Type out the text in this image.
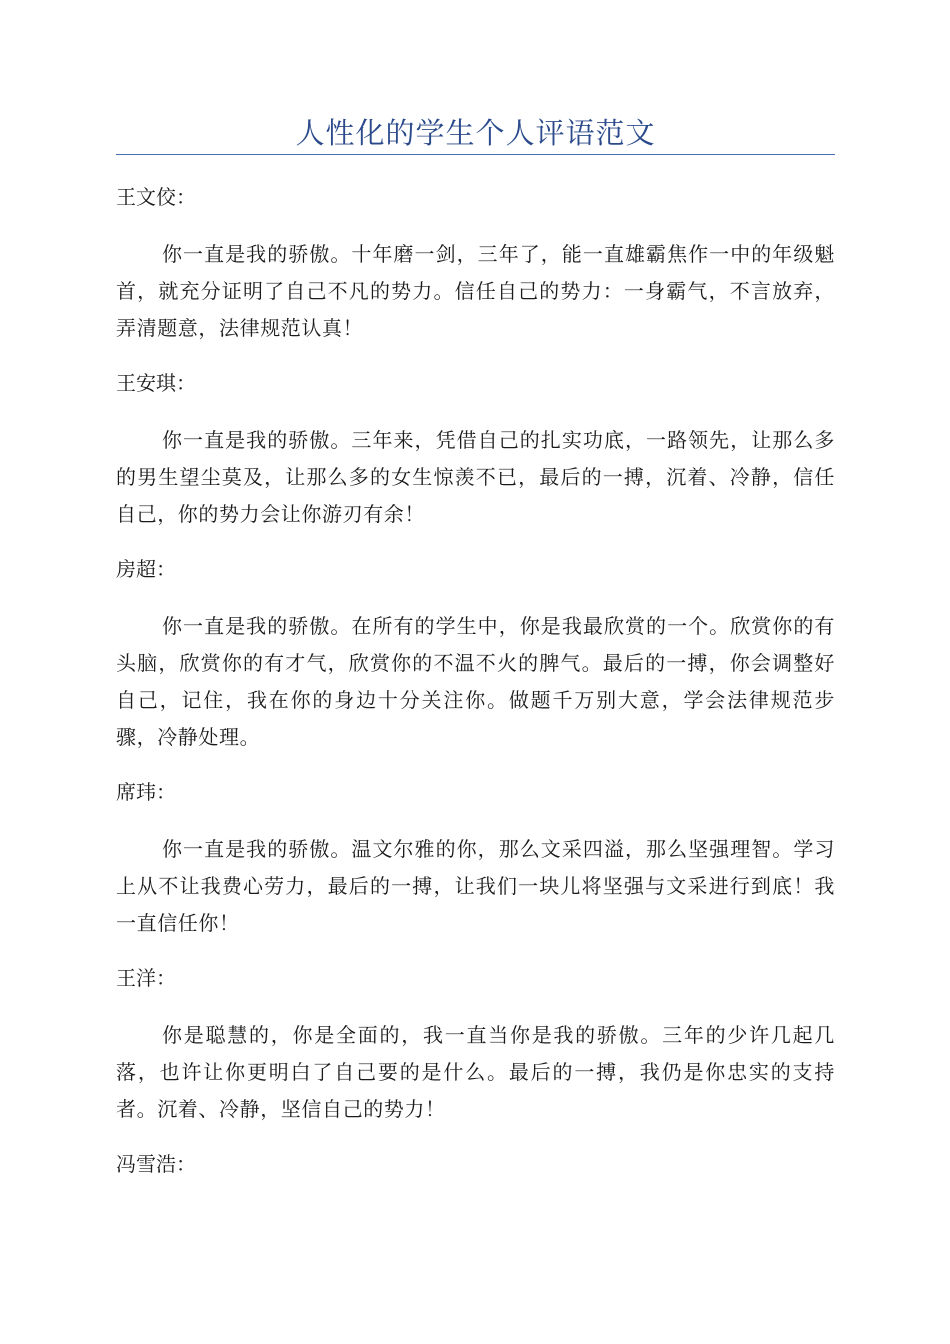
人性化的学生个人评语范文
王文佼：

你一直是我的骄傲。十年磨一剑，三年了，能一直雄霸焦作一中的年级魁首，就充分证明了自己不凡的势力。信任自己的势力：一身霸气，不言放弃，弄清题意，法律规范认真！

王安琪：

你一直是我的骄傲。三年来，凭借自己的扎实功底，一路领先，让那么多的男生望尘莫及，让那么多的女生惊羡不已，最后的一搏，沉着、冷静，信任自己，你的势力会让你游刃有余！

房超：

你一直是我的骄傲。在所有的学生中，你是我最欣赏的一个。欣赏你的有头脑，欣赏你的有才气，欣赏你的不温不火的脾气。最后的一搏，你会调整好自己，记住，我在你的身边十分关注你。做题千万别大意，学会法律规范步骤，冷静处理。

席玮：

你一直是我的骄傲。温文尔雅的你，那么文采四溢，那么坚强理智。学习上从不让我费心劳力，最后的一搏，让我们一块儿将坚强与文采进行到底！我一直信任你！

王洋：

你是聪慧的，你是全面的，我一直当你是我的骄傲。三年的少许几起几落，也许让你更明白了自己要的是什么。最后的一搏，我仍是你忠实的支持者。沉着、冷静，坚信自己的势力！

冯雪浩：
